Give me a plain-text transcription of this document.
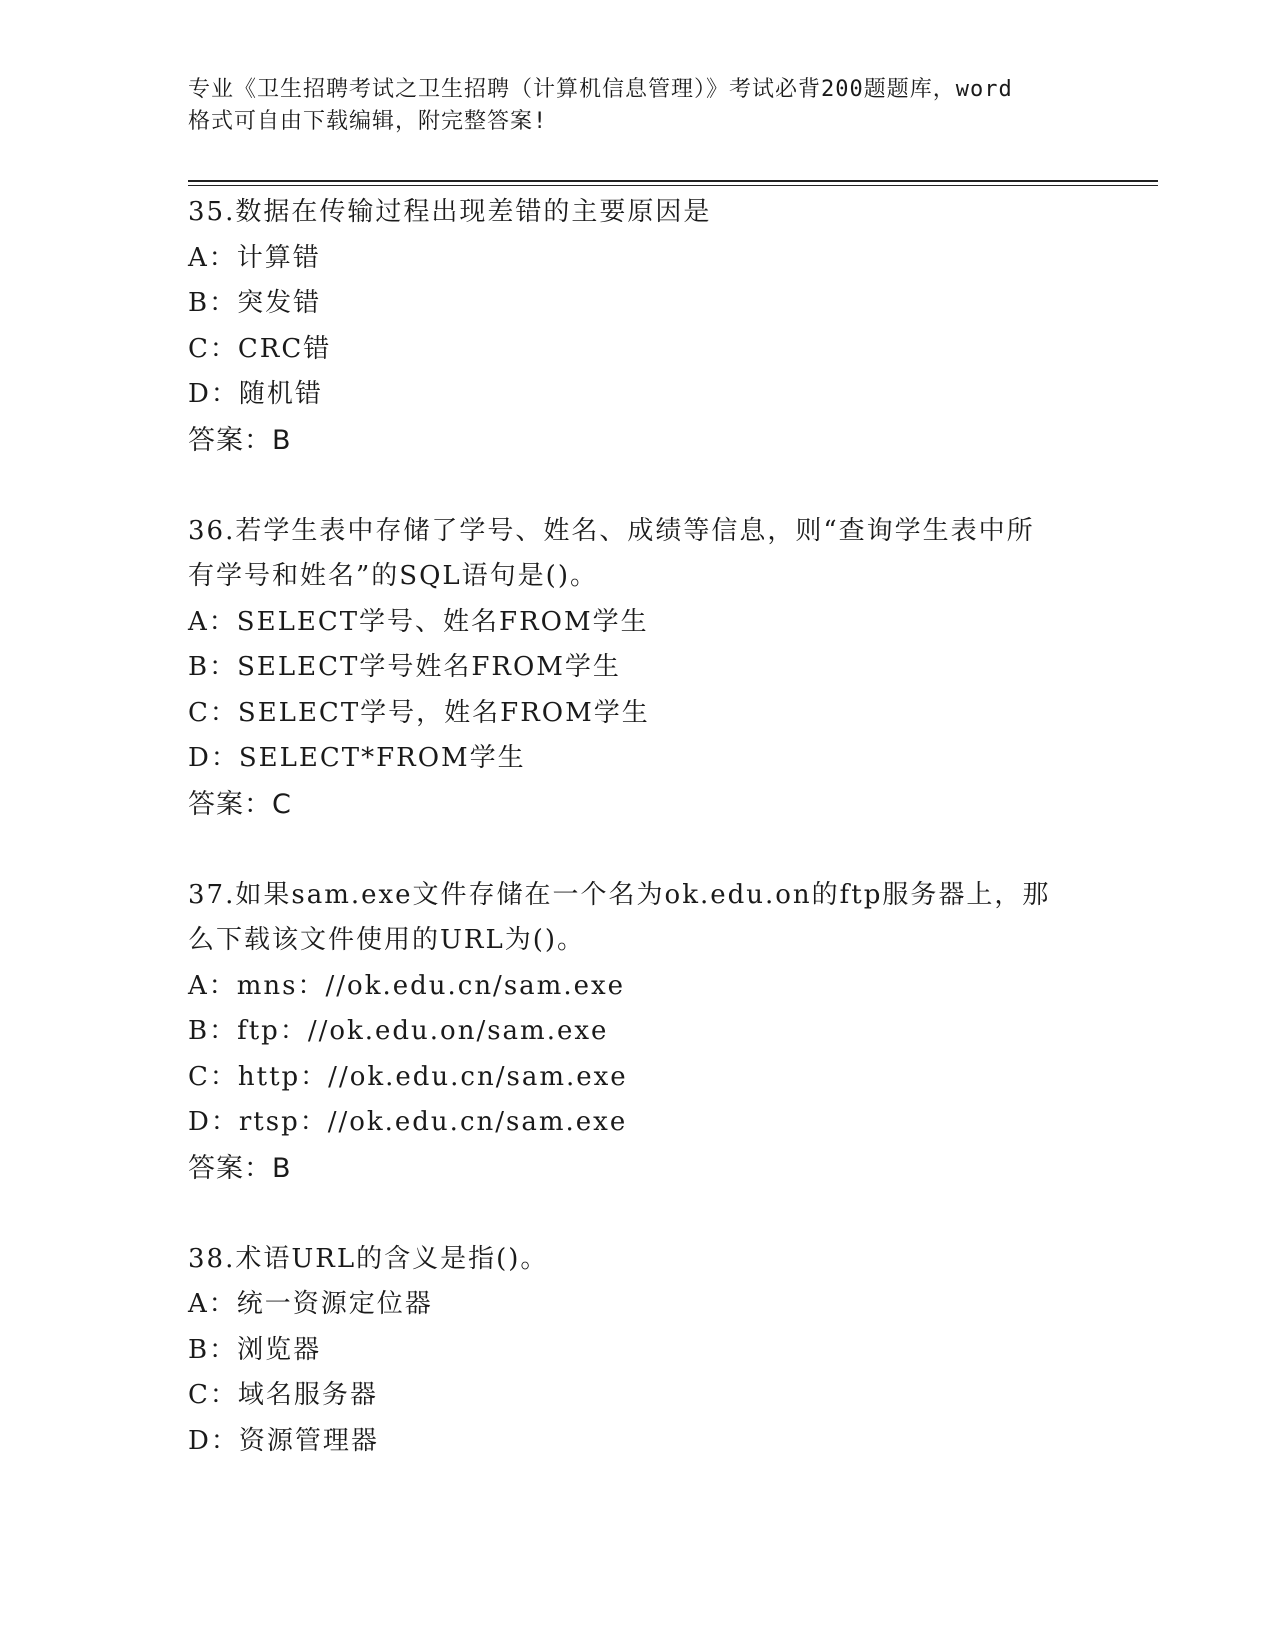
专业《卫生招聘考试之卫生招聘（计算机信息管理）》考试必背200题题库，word
格式可自由下载编辑，附完整答案!
35.数据在传输过程出现差错的主要原因是
A：计算错
B：突发错
C：CRC错
D：随机错
答案：B
36.若学生表中存储了学号、姓名、成绩等信息，则“查询学生表中所
有学号和姓名”的SQL语句是()。
A：SELECT学号、姓名FROM学生
B：SELECT学号姓名FROM学生
C：SELECT学号，姓名FROM学生
D：SELECT*FROM学生
答案：C
37.如果sam.exe文件存储在一个名为ok.edu.on的ftp服务器上，那
么下载该文件使用的URL为()。
A：mns：//ok.edu.cn/sam.exe
B：ftp：//ok.edu.on/sam.exe
C：http：//ok.edu.cn/sam.exe
D：rtsp：//ok.edu.cn/sam.exe
答案：B
38.术语URL的含义是指()。
A：统一资源定位器
B：浏览器
C：域名服务器
D：资源管理器
